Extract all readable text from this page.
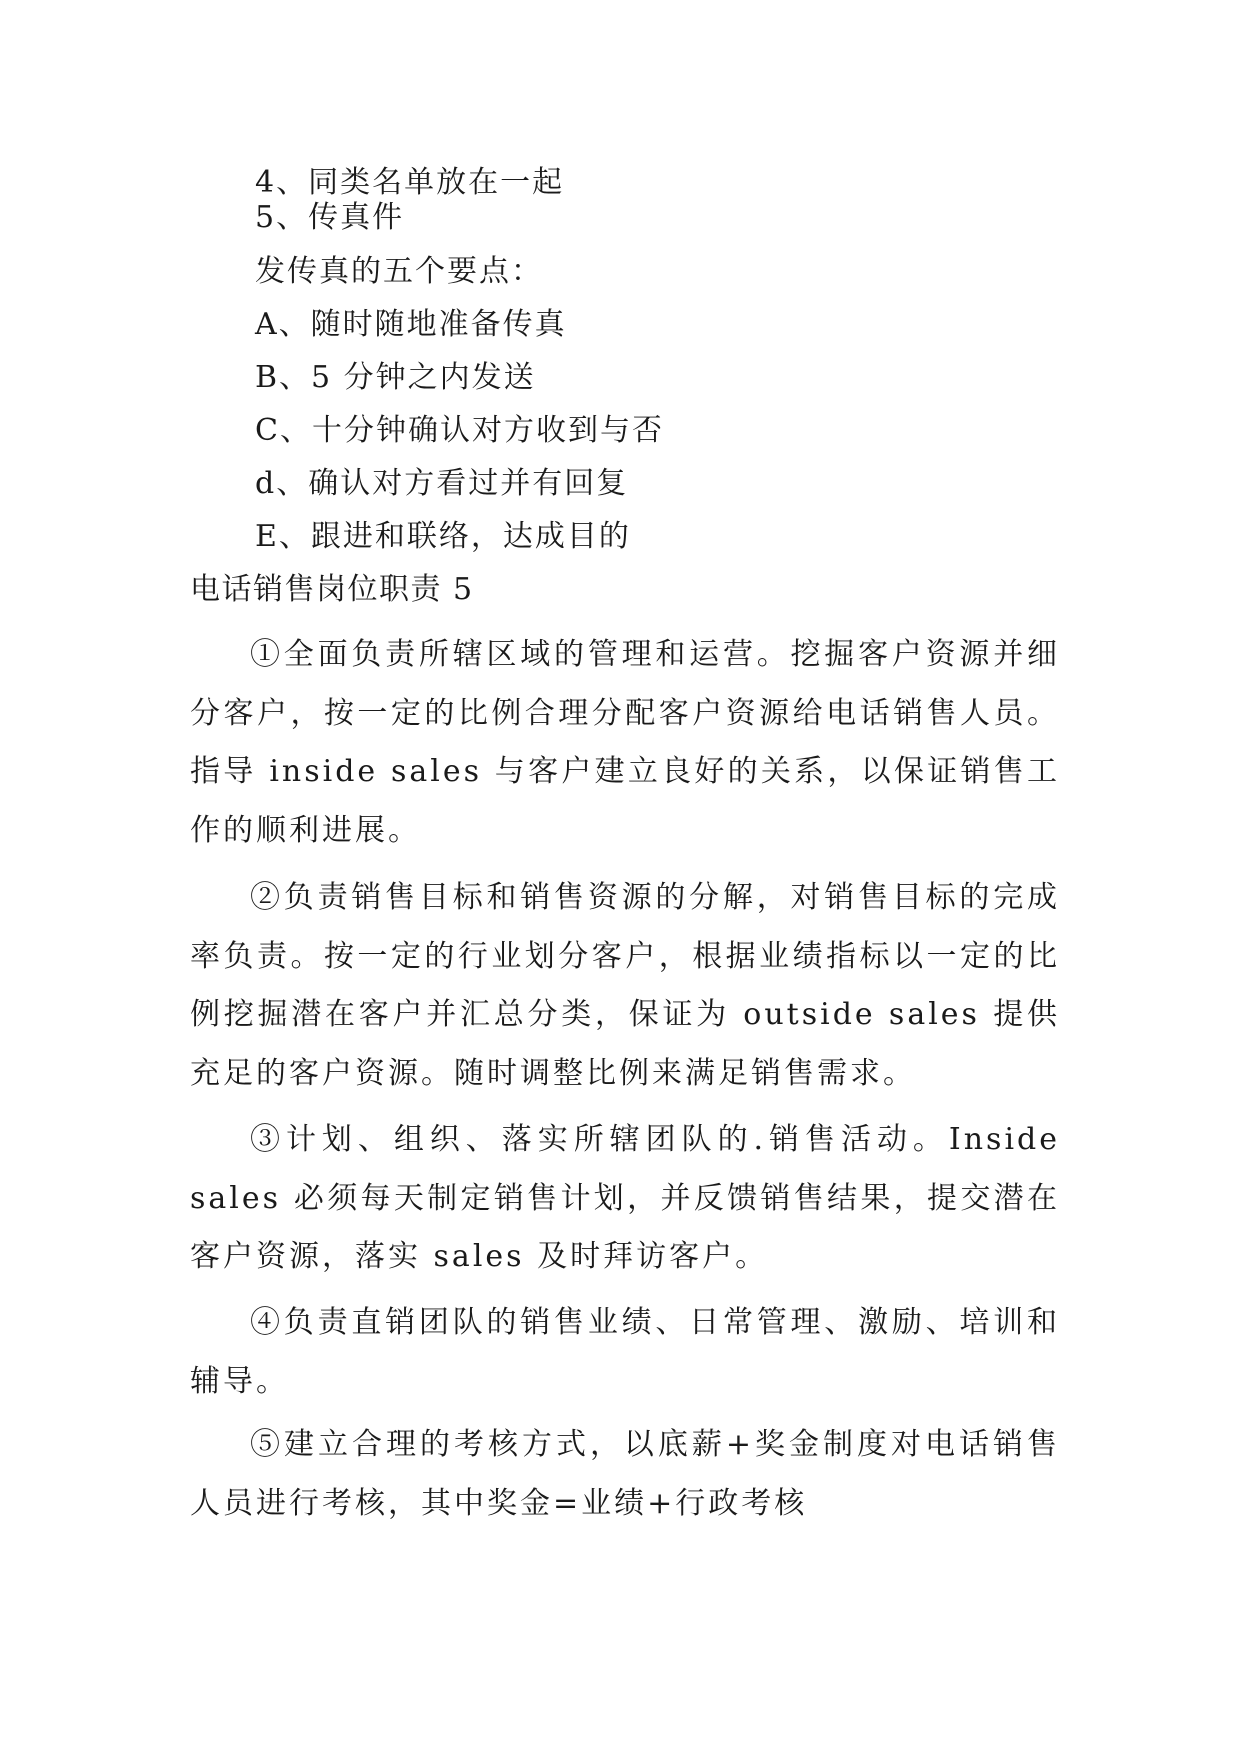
4、同类名单放在一起
5、传真件
发传真的五个要点：
A、随时随地准备传真
B、5 分钟之内发送
C、十分钟确认对方收到与否
d、确认对方看过并有回复
E、跟进和联络，达成目的
电话销售岗位职责 5
①全面负责所辖区域的管理和运营。挖掘客户资源并细分客户，按一定的比例合理分配客户资源给电话销售人员。指导 inside sales 与客户建立良好的关系，以保证销售工作的顺利进展。
②负责销售目标和销售资源的分解，对销售目标的完成率负责。按一定的行业划分客户，根据业绩指标以一定的比例挖掘潜在客户并汇总分类，保证为 outside sales 提供充足的客户资源。随时调整比例来满足销售需求。
③计划、组织、落实所辖团队的.销售活动。Inside sales 必须每天制定销售计划，并反馈销售结果，提交潜在客户资源，落实 sales 及时拜访客户。
④负责直销团队的销售业绩、日常管理、激励、培训和辅导。
⑤建立合理的考核方式，以底薪+奖金制度对电话销售人员进行考核，其中奖金=业绩+行政考核
